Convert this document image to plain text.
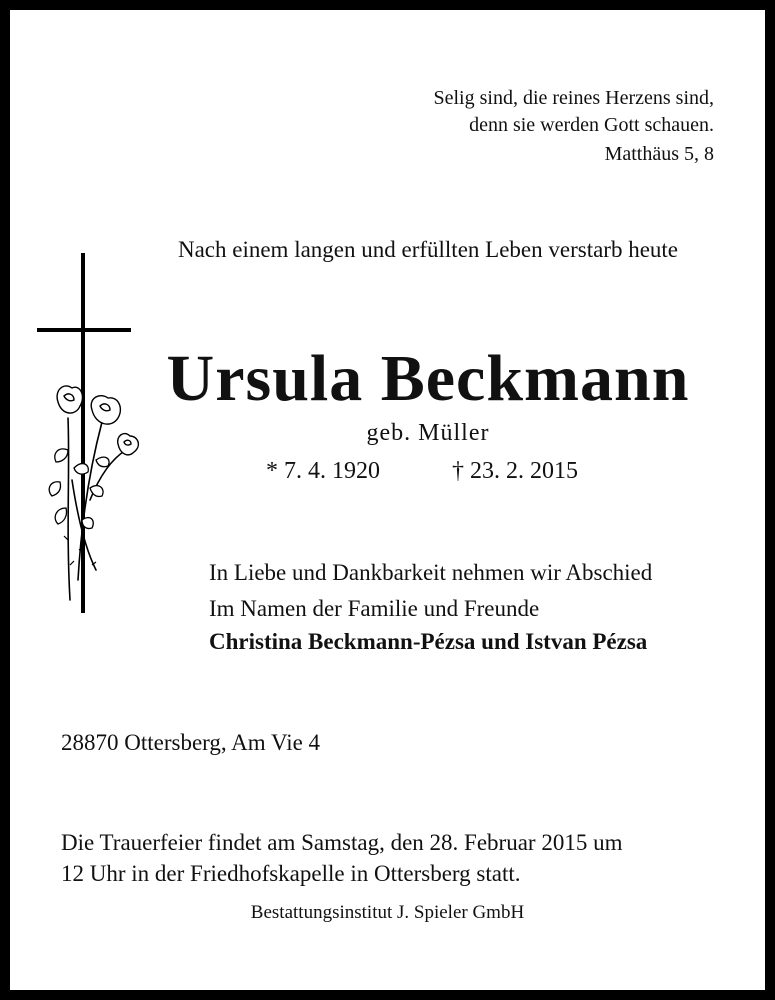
Selig sind, die reines Herzens sind,
denn sie werden Gott schauen.
Matthäus 5, 8
Nach einem langen und erfüllten Leben verstarb heute
Ursula Beckmann
geb. Müller
* 7. 4. 1920	† 23. 2. 2015
In Liebe und Dankbarkeit nehmen wir Abschied
Im Namen der Familie und Freunde
Christina Beckmann-Pézsa und Istvan Pézsa
28870 Ottersberg, Am Vie 4
Die Trauerfeier findet am Samstag, den 28. Februar 2015 um
12 Uhr in der Friedhofskapelle in Ottersberg statt.
Bestattungsinstitut J. Spieler GmbH
